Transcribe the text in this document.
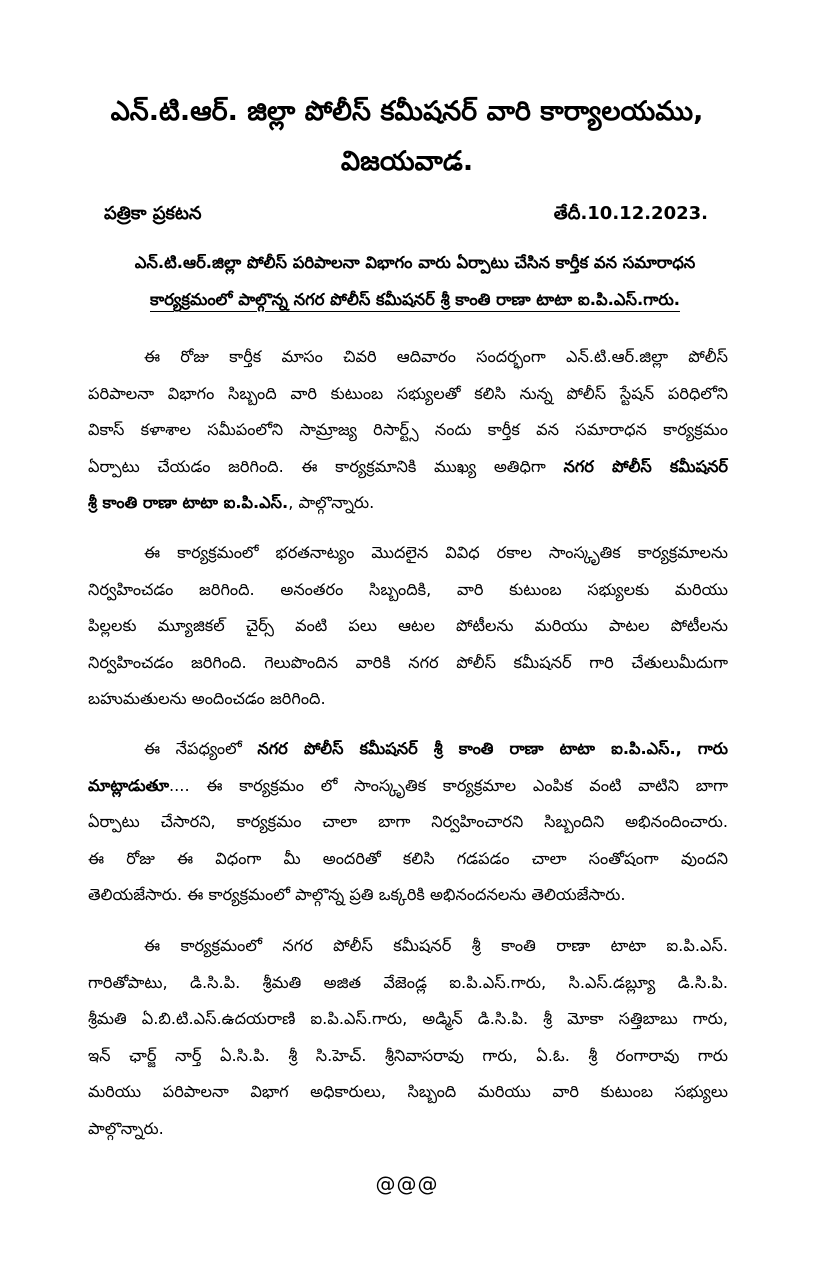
ఎన్.టి.ఆర్. జిల్లా పోలీస్ కమీషనర్ వారి కార్యాలయము,
విజయవాడ.
పత్రికా ప్రకటన	తేదీ.10.12.2023.
ఎన్.టి.ఆర్.జిల్లా పోలీస్ పరిపాలనా విభాగం వారు ఏర్పాటు చేసిన కార్తీక వన సమారాధన
కార్యక్రమంలో పాల్గొన్న నగర పోలీస్ కమీషనర్ శ్రీ కాంతి రాణా టాటా ఐ.పి.ఎస్.గారు.
ఈ రోజు కార్తీక మాసం చివరి ఆదివారం సందర్భంగా ఎన్.టి.ఆర్.జిల్లా పోలీస్
పరిపాలనా విభాగం సిబ్బంది వారి కుటుంబ సభ్యులతో కలిసి నున్న పోలీస్ స్టేషన్ పరిధిలోని
వికాస్ కళాశాల సమీపంలోని సామ్రాజ్య రిసార్ట్స్ నందు కార్తీక వన సమారాధన కార్యక్రమం
ఏర్పాటు చేయడం జరిగింది. ఈ కార్యక్రమానికి ముఖ్య అతిధిగా నగర పోలీస్ కమీషనర్
శ్రీ కాంతి రాణా టాటా ఐ.పి.ఎస్., పాల్గొన్నారు.
ఈ కార్యక్రమంలో భరతనాట్యం మొదలైన వివిధ రకాల సాంస్కృతిక కార్యక్రమాలను
నిర్వహించడం జరిగింది. అనంతరం సిబ్బందికి, వారి కుటుంబ సభ్యులకు మరియు
పిల్లలకు మ్యూజికల్ చైర్స్ వంటి పలు ఆటల పోటీలను మరియు పాటల పోటీలను
నిర్వహించడం జరిగింది. గెలుపొందిన వారికి నగర పోలీస్ కమీషనర్ గారి చేతులుమీదుగా
బహుమతులను అందించడం జరిగింది.
ఈ నేపధ్యంలో నగర పోలీస్ కమీషనర్ శ్రీ కాంతి రాణా టాటా ఐ.పి.ఎస్., గారు
మాట్లాడుతూ.... ఈ కార్యక్రమం లో సాంస్కృతిక కార్యక్రమాల ఎంపిక వంటి వాటిని బాగా
ఏర్పాటు చేసారని, కార్యక్రమం చాలా బాగా నిర్వహించారని సిబ్బందిని అభినందించారు.
ఈ రోజు ఈ విధంగా మీ అందరితో కలిసి గడపడం చాలా సంతోషంగా వుందని
తెలియజేసారు. ఈ కార్యక్రమంలో పాల్గొన్న ప్రతి ఒక్కరికి అభినందనలను తెలియజేసారు.
ఈ కార్యక్రమంలో నగర పోలీస్ కమీషనర్ శ్రీ కాంతి రాణా టాటా ఐ.పి.ఎస్.
గారితోపాటు, డి.సి.పి. శ్రీమతి అజిత వేజెండ్ల ఐ.పి.ఎస్.గారు, సి.ఎస్.డబ్ల్యూ డి.సి.పి.
శ్రీమతి ఏ.బి.టి.ఎస్.ఉదయరాణి ఐ.పి.ఎస్.గారు, అడ్మిన్ డి.సి.పి. శ్రీ మోకా సత్తిబాబు గారు,
ఇన్ ఛార్జ్ నార్త్ ఏ.సి.పి. శ్రీ సి.హెచ్. శ్రీనివాసరావు గారు, ఏ.ఓ. శ్రీ రంగారావు గారు
మరియు పరిపాలనా విభాగ అధికారులు, సిబ్బంది మరియు వారి కుటుంబ సభ్యులు
పాల్గొన్నారు.
@@@
